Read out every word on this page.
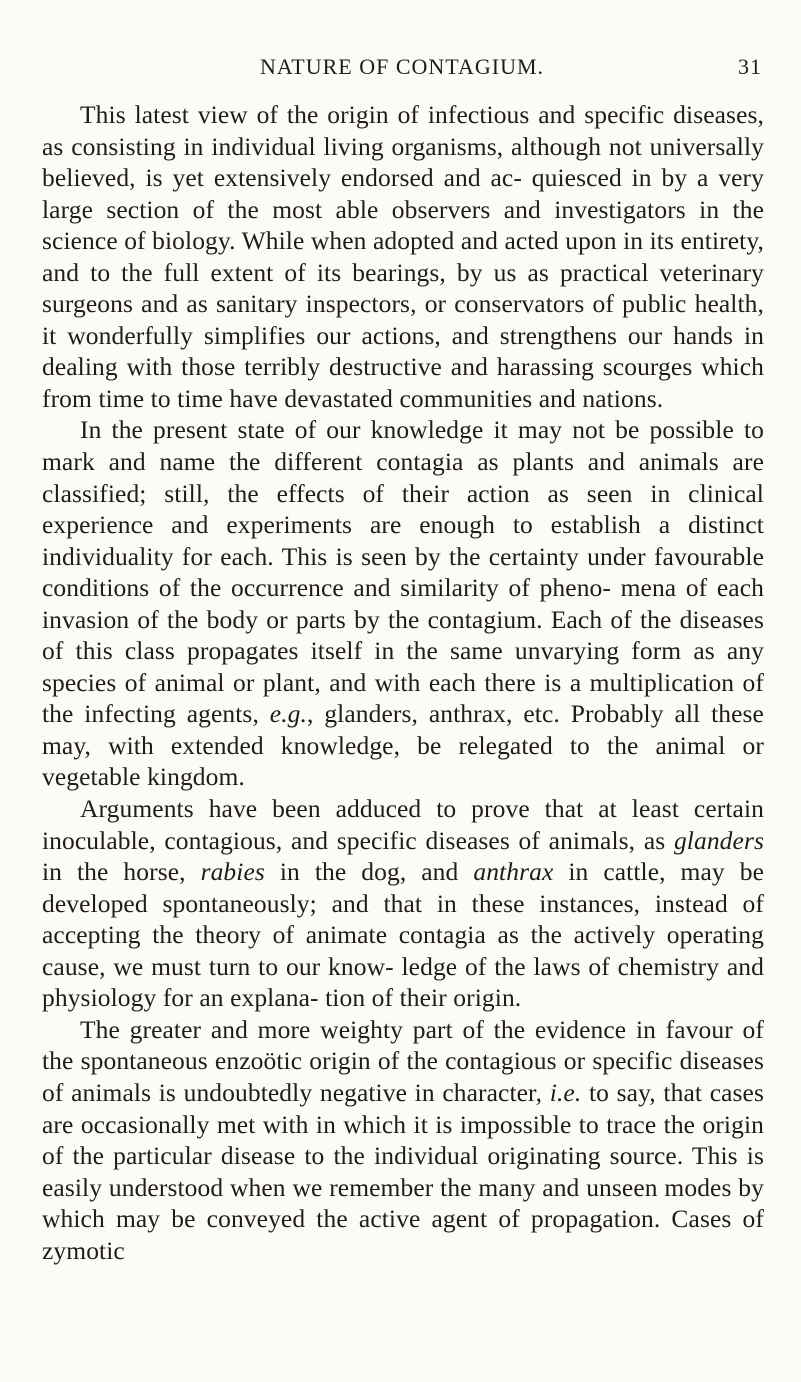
NATURE OF CONTAGIUM.	31

This latest view of the origin of infectious and specific diseases, as consisting in individual living organisms, although not universally believed, is yet extensively endorsed and ac- quiesced in by a very large section of the most able observers and investigators in the science of biology. While when adopted and acted upon in its entirety, and to the full extent of its bearings, by us as practical veterinary surgeons and as sanitary inspectors, or conservators of public health, it wonderfully simplifies our actions, and strengthens our hands in dealing with those terribly destructive and harassing scourges which from time to time have devastated communities and nations.

In the present state of our knowledge it may not be possible to mark and name the different contagia as plants and animals are classified; still, the effects of their action as seen in clinical experience and experiments are enough to establish a distinct individuality for each. This is seen by the certainty under favourable conditions of the occurrence and similarity of pheno- mena of each invasion of the body or parts by the contagium. Each of the diseases of this class propagates itself in the same unvarying form as any species of animal or plant, and with each there is a multiplication of the infecting agents, e.g., glanders, anthrax, etc. Probably all these may, with extended knowledge, be relegated to the animal or vegetable kingdom.

Arguments have been adduced to prove that at least certain inoculable, contagious, and specific diseases of animals, as glanders in the horse, rabies in the dog, and anthrax in cattle, may be developed spontaneously; and that in these instances, instead of accepting the theory of animate contagia as the actively operating cause, we must turn to our know- ledge of the laws of chemistry and physiology for an explana- tion of their origin.

The greater and more weighty part of the evidence in favour of the spontaneous enzoötic origin of the contagious or specific diseases of animals is undoubtedly negative in character, i.e. to say, that cases are occasionally met with in which it is impossible to trace the origin of the particular disease to the individual originating source. This is easily understood when we remember the many and unseen modes by which may be conveyed the active agent of propagation. Cases of zymotic
